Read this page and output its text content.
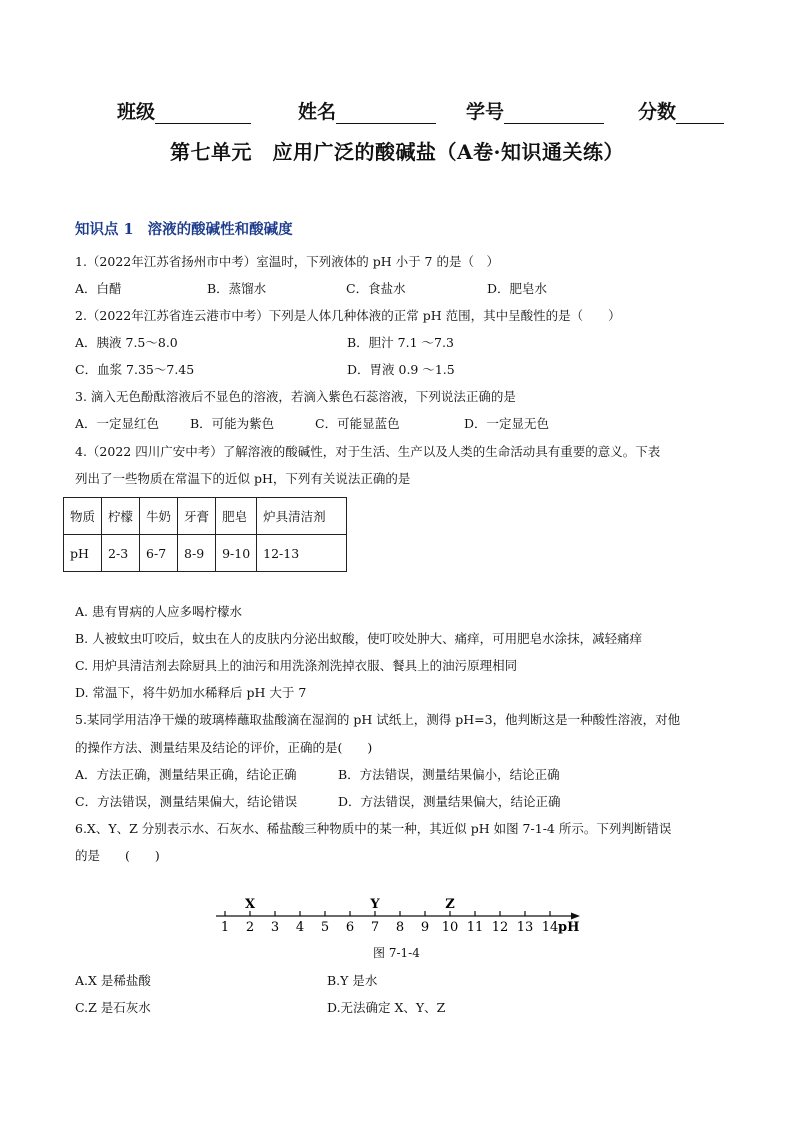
班级	姓名	学号	分数
第七单元　应用广泛的酸碱盐（A卷·知识通关练）
知识点 1 溶液的酸碱性和酸碱度
1.（2022年江苏省扬州市中考）室温时，下列液体的 pH 小于 7 的是（　）
A．白醋	B．蒸馏水	C．食盐水	D．肥皂水
2.（2022年江苏省连云港市中考）下列是人体几种体液的正常 pH 范围，其中呈酸性的是（　　）
A．胰液 7.5～8.0	B．胆汁 7.1 ～7.3
C．血浆 7.35～7.45	D．胃液 0.9 ～1.5
3. 滴入无色酚酞溶液后不显色的溶液，若滴入紫色石蕊溶液，下列说法正确的是
A．一定显红色 B．可能为紫色	C．可能显蓝色	D．一定显无色
4.（2022 四川广安中考）了解溶液的酸碱性，对于生活、生产以及人类的生命活动具有重要的意义。下表
列出了一些物质在常温下的近似 pH，下列有关说法正确的是
物质	柠檬	牛奶	牙膏	肥皂	炉具清洁剂
pH	2-3	6-7	8-9	9-10	12-13
A. 患有胃病的人应多喝柠檬水
B. 人被蚊虫叮咬后，蚊虫在人的皮肤内分泌出蚁酸，使叮咬处肿大、痛痒，可用肥皂水涂抹，减轻痛痒
C. 用炉具清洁剂去除厨具上的油污和用洗涤剂洗掉衣服、餐具上的油污原理相同
D. 常温下，将牛奶加水稀释后 pH 大于 7
5.某同学用洁净干燥的玻璃棒蘸取盐酸滴在湿润的 pH 试纸上，测得 pH=3，他判断这是一种酸性溶液，对他
的操作方法、测量结果及结论的评价，正确的是(　　)
A．方法正确，测量结果正确，结论正确	B．方法错误，测量结果偏小，结论正确
C．方法错误，测量结果偏大，结论错误	D．方法错误，测量结果偏大，结论正确
6.X、Y、Z 分别表示水、石灰水、稀盐酸三种物质中的某一种，其近似 pH 如图 7-1-4 所示。下列判断错误
的是　　(　　)
1 2 3 4 5 6 7 8 9 10 11 12 13 14 pH
X	Y	Z
图 7-1-4
A.X 是稀盐酸	B.Y 是水
C.Z 是石灰水	D.无法确定 X、Y、Z
